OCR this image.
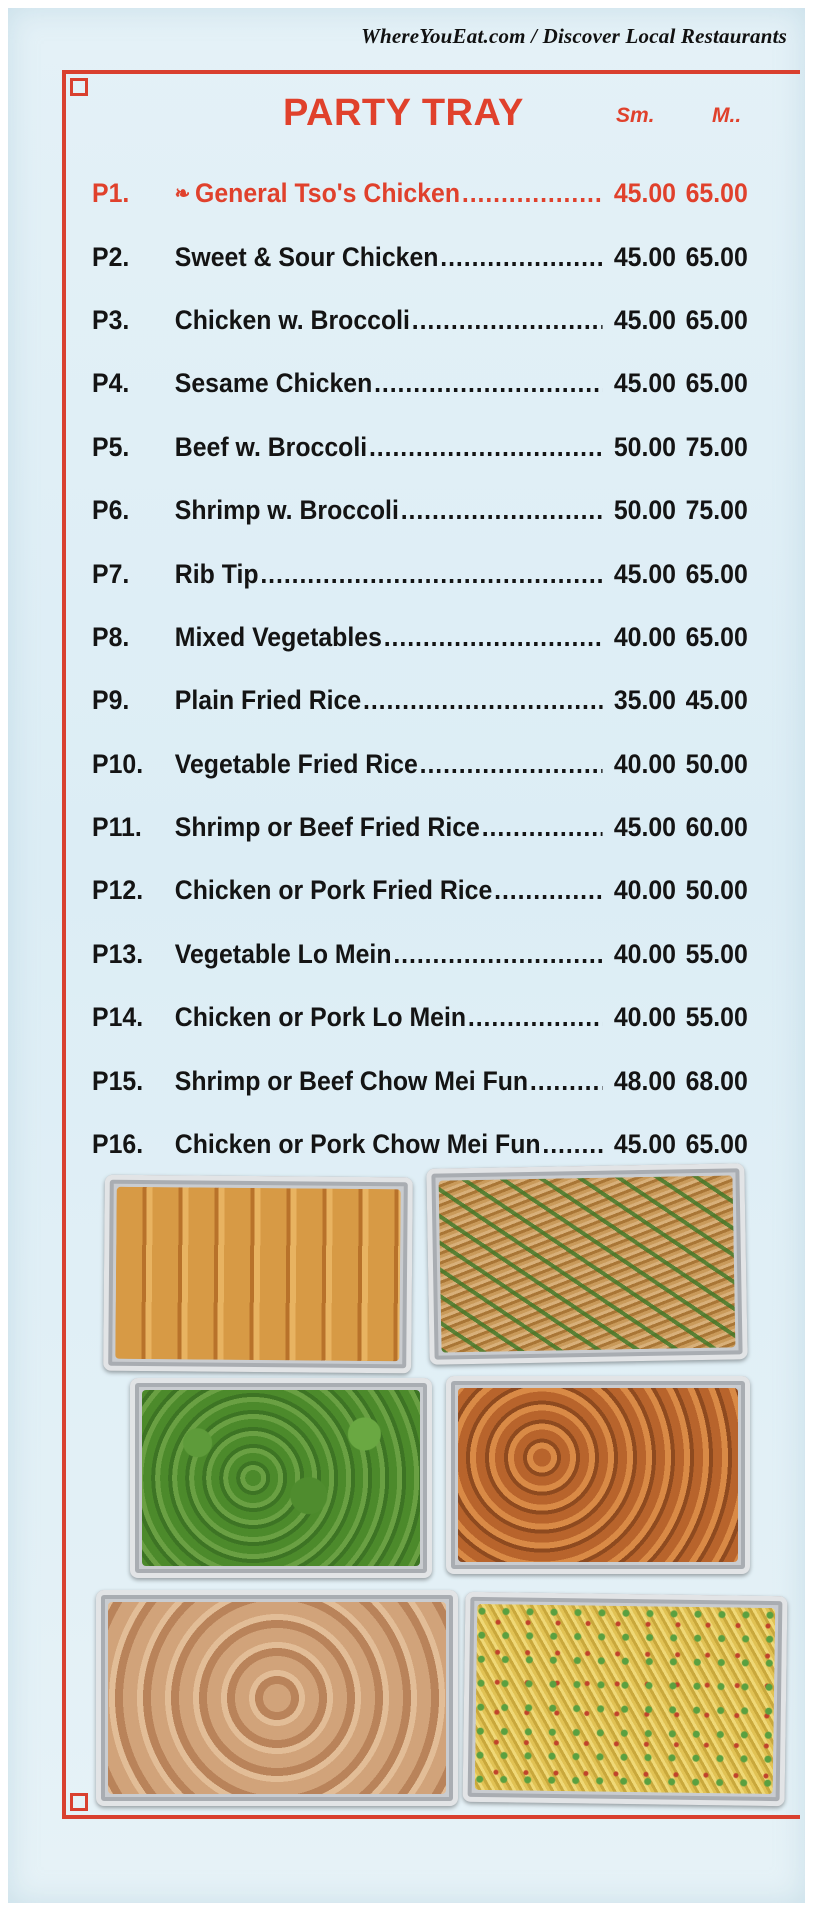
WhereYouEat.com / Discover Local Restaurants
PARTY TRAY	Sm.	M..
P1.	❧ General Tso's Chicken .....	45.00 65.00
P2.	Sweet & Sour Chicken .....	45.00 65.00
P3.	Chicken w. Broccoli .....	45.00 65.00
P4.	Sesame Chicken .....	45.00 65.00
P5.	Beef w. Broccoli .....	50.00 75.00
P6.	Shrimp w. Broccoli .....	50.00 75.00
P7.	Rib Tip .....	45.00 65.00
P8.	Mixed Vegetables .....	40.00 65.00
P9.	Plain Fried Rice .....	35.00 45.00
P10.	Vegetable Fried Rice .....	40.00 50.00
P11.	Shrimp or Beef Fried Rice .....	45.00 60.00
P12.	Chicken or Pork Fried Rice .....	40.00 50.00
P13.	Vegetable Lo Mein .....	40.00 55.00
P14.	Chicken or Pork Lo Mein .....	40.00 55.00
P15.	Shrimp or Beef Chow Mei Fun .....	48.00 68.00
P16.	Chicken or Pork Chow Mei Fun .....	45.00 65.00
